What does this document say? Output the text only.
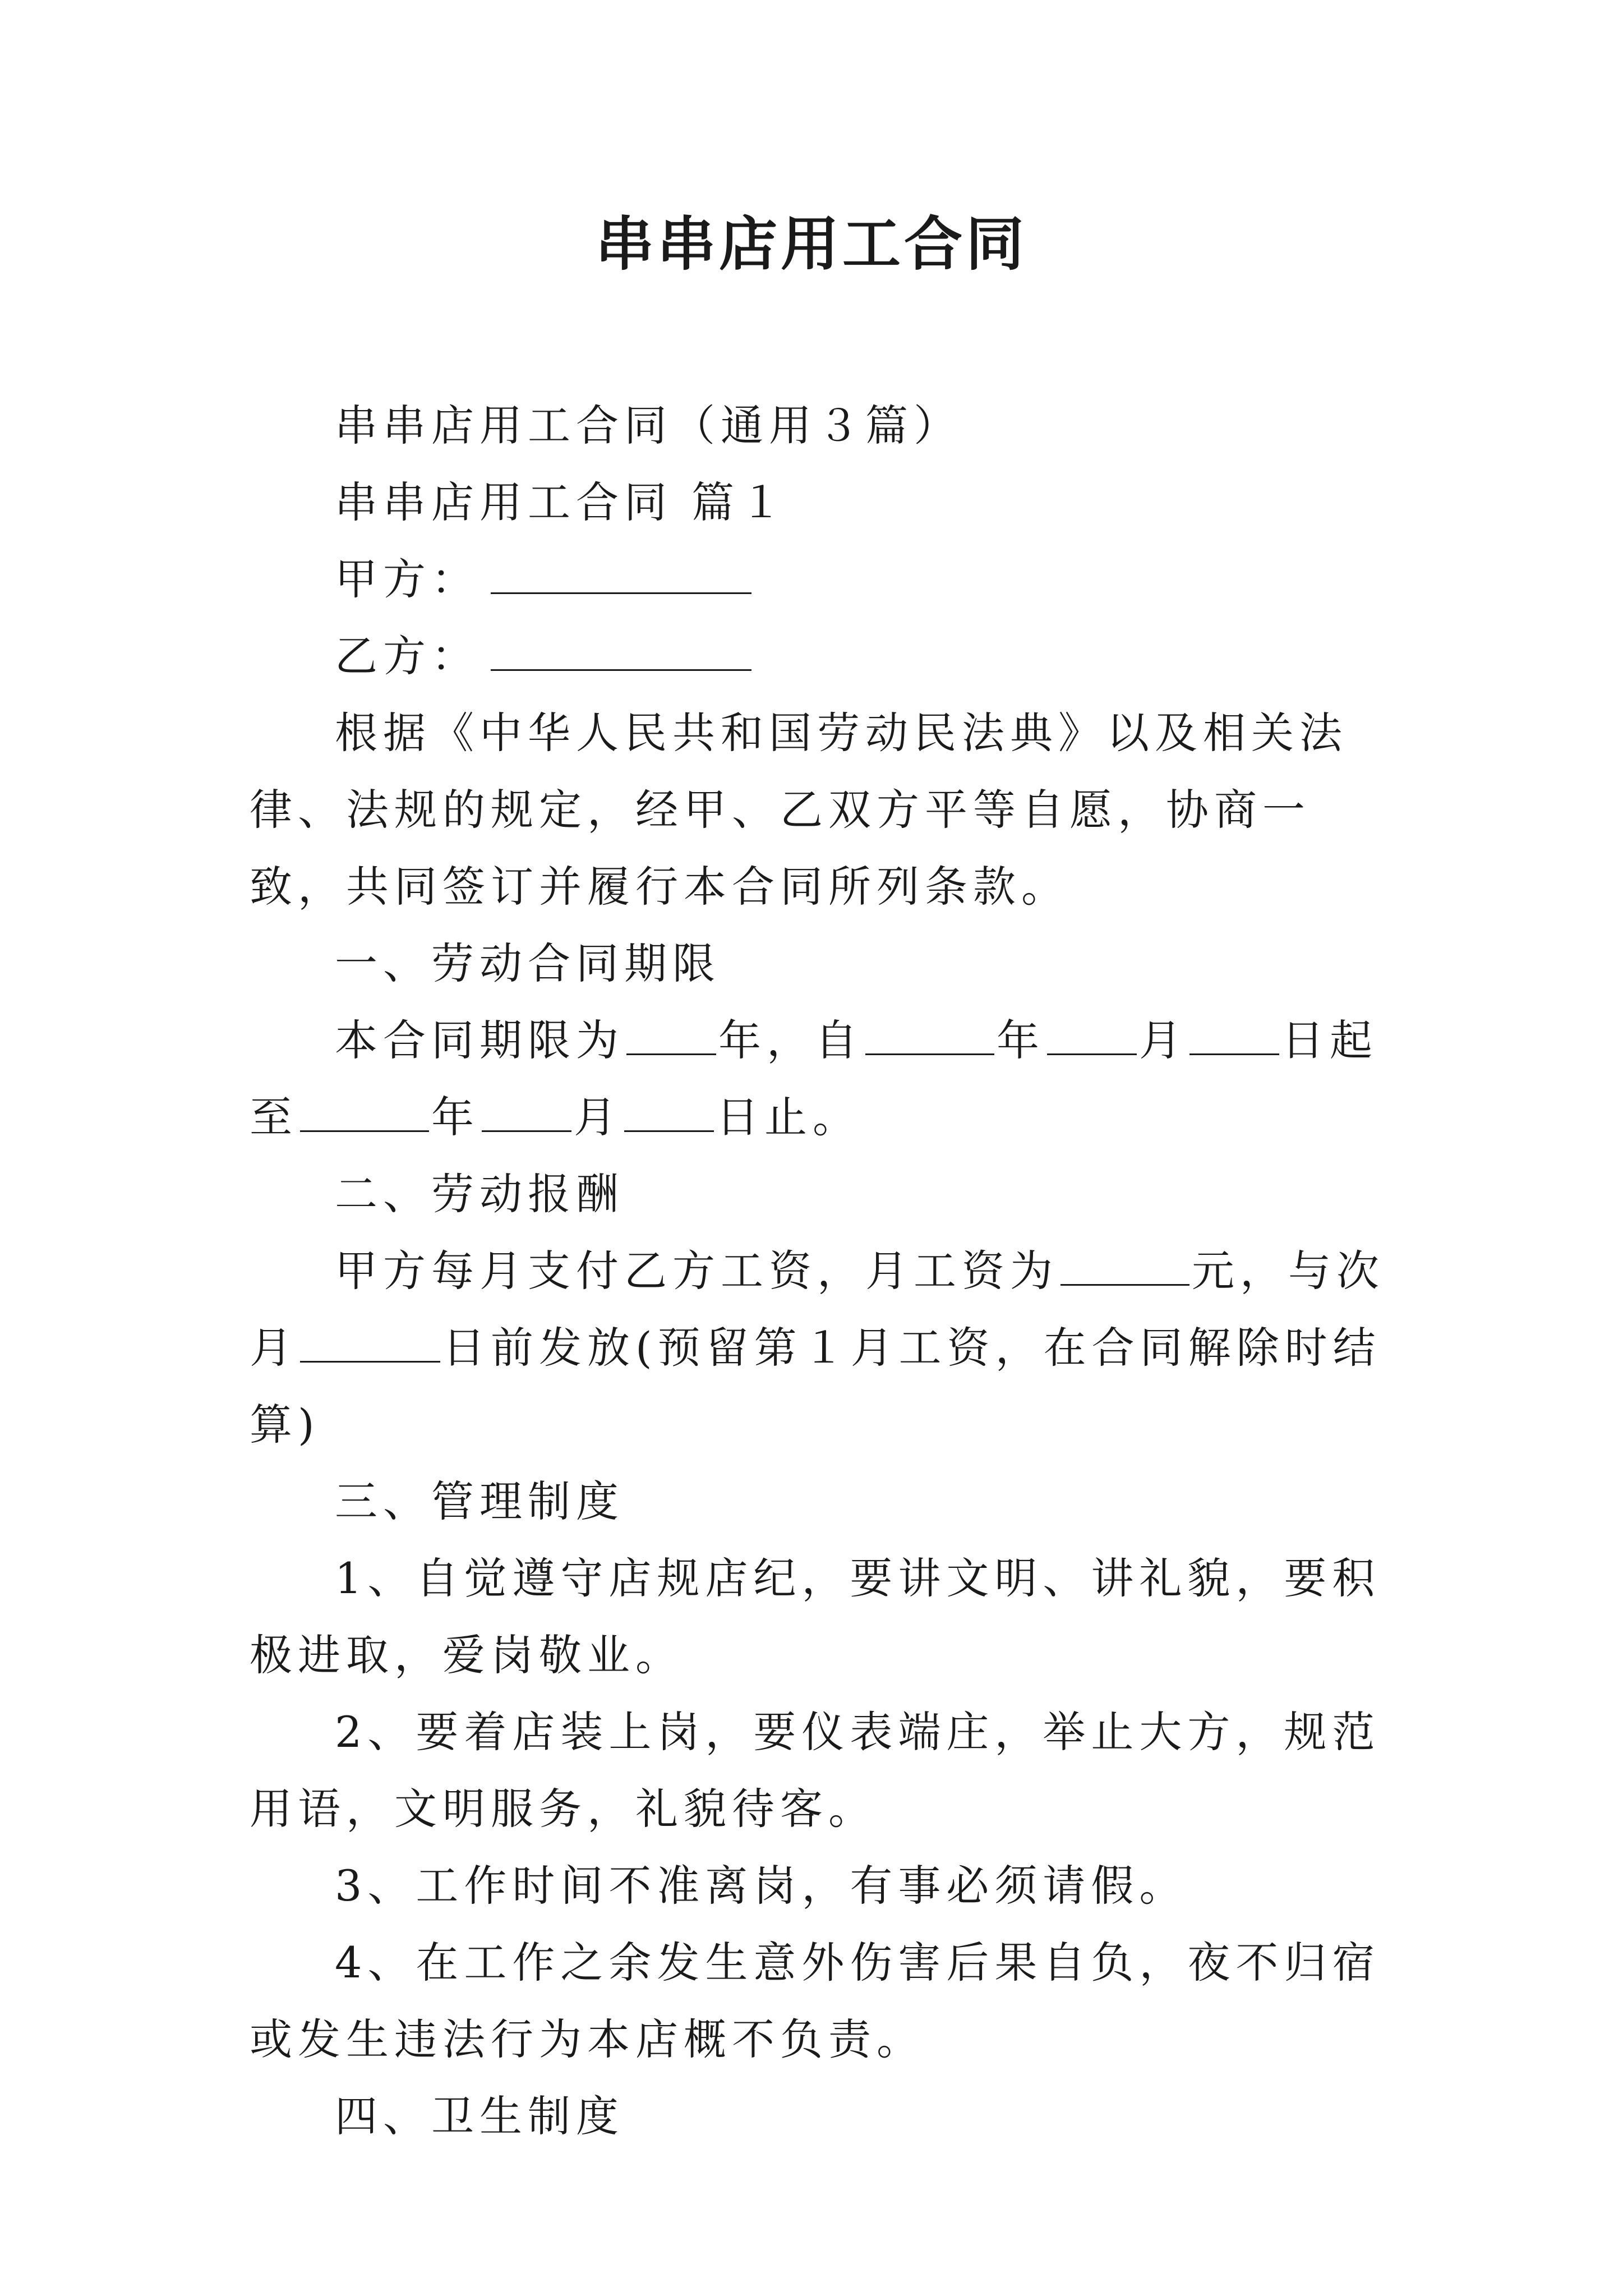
串串店用工合同

串串店用工合同（通用３篇）

串串店用工合同 篇１

甲方：

乙方：

根据《中华人民共和国劳动民法典》以及相关法律、法规的规定，经甲、乙双方平等自愿，协商一致，共同签订并履行本合同所列条款。

一、劳动合同期限

本合同期限为 年，自	年 月 日起至	年 月 日止。

二、劳动报酬

甲方每月支付乙方工资，月工资为	元，与次月	日前发放(预留第１月工资，在合同解除时结算)

三、管理制度

1、自觉遵守店规店纪，要讲文明、讲礼貌，要积极进取，爱岗敬业。

2、要着店装上岗，要仪表端庄，举止大方，规范用语，文明服务，礼貌待客。

3、工作时间不准离岗，有事必须请假。

4、在工作之余发生意外伤害后果自负，夜不归宿或发生违法行为本店概不负责。

四、卫生制度
